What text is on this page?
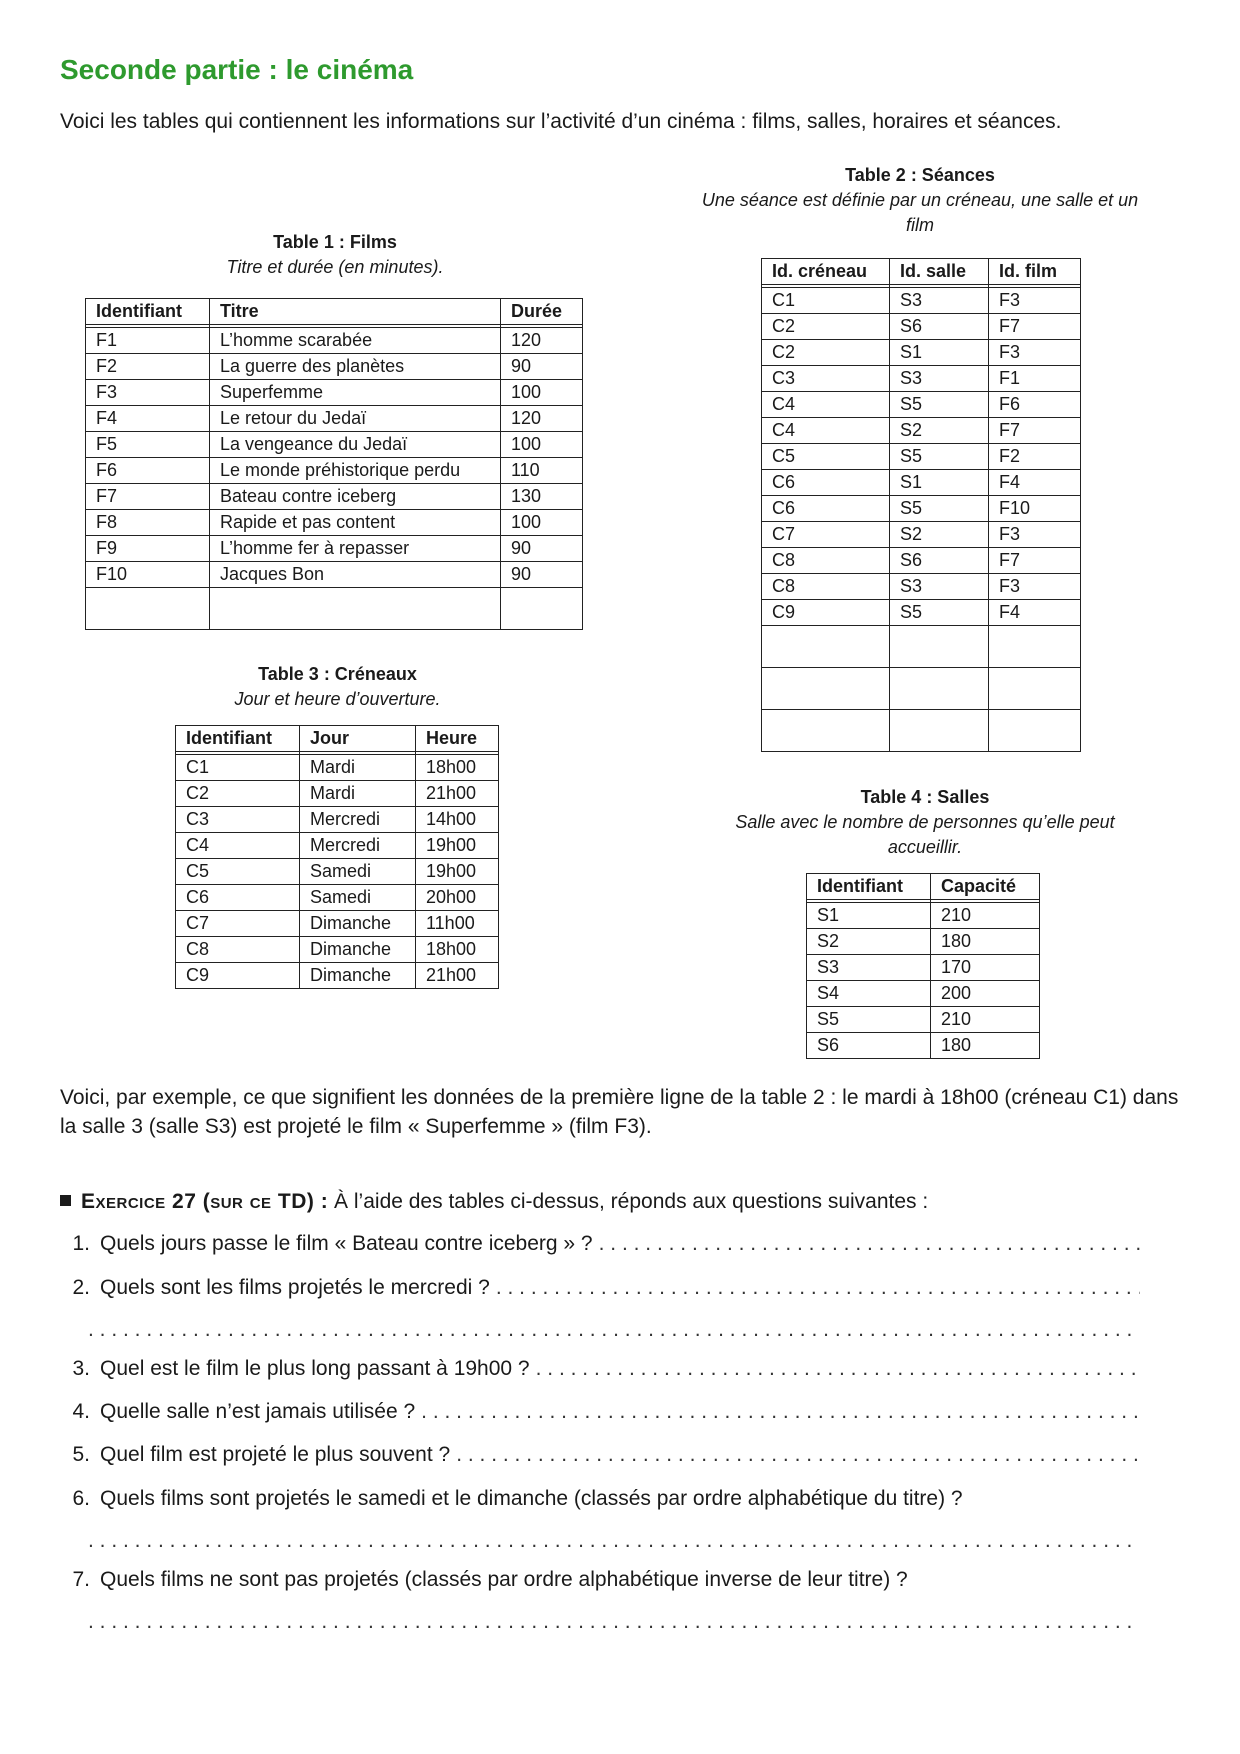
Seconde partie : le cinéma
Voici les tables qui contiennent les informations sur l’activité d’un cinéma : films, salles, horaires et séances.
Table 1 : Films
Titre et durée (en minutes).
Identifiant	Titre	Durée

F1	L’homme scarabée	120
F2	La guerre des planètes	90
F3	Superfemme	100
F4	Le retour du Jedaï	120
F5	La vengeance du Jedaï	100
F6	Le monde préhistorique perdu	110
F7	Bateau contre iceberg	130
F8	Rapide et pas content	100
F9	L’homme fer à repasser	90
F10	Jacques Bon	90

Table 2 : Séances
Une séance est définie par un créneau, une salle et un film
Id. créneau	Id. salle	Id. film

C1	S3	F3
C2	S6	F7
C2	S1	F3
C3	S3	F1
C4	S5	F6
C4	S2	F7
C5	S5	F2
C6	S1	F4
C6	S5	F10
C7	S2	F3
C8	S6	F7
C8	S3	F3
C9	S5	F4

Table 3 : Créneaux
Jour et heure d’ouverture.
Identifiant	Jour	Heure

C1	Mardi	18h00
C2	Mardi	21h00
C3	Mercredi	14h00
C4	Mercredi	19h00
C5	Samedi	19h00
C6	Samedi	20h00
C7	Dimanche	11h00
C8	Dimanche	18h00
C9	Dimanche	21h00
Table 4 : Salles
Salle avec le nombre de personnes qu’elle peut accueillir.
Identifiant	Capacité

S1	210
S2	180
S3	170
S4	200
S5	210
S6	180
Voici, par exemple, ce que signifient les données de la première ligne de la table 2 : le mardi à 18h00 (créneau C1) dans la salle 3 (salle S3) est projeté le film « Superfemme » (film F3).
Exercice 27 (sur ce TD) : À l’aide des tables ci-dessus, réponds aux questions suivantes :
1. Quels jours passe le film « Bateau contre iceberg » ?
. . .
2. Quels sont les films projetés le mercredi ?
. . .
. . .
3. Quel est le film le plus long passant à 19h00 ?
. . .
4. Quelle salle n’est jamais utilisée ?
. . .
5. Quel film est projeté le plus souvent ?
. . .
6. Quels films sont projetés le samedi et le dimanche (classés par ordre alphabétique du titre) ?
. . .
7. Quels films ne sont pas projetés (classés par ordre alphabétique inverse de leur titre) ?
. . .
